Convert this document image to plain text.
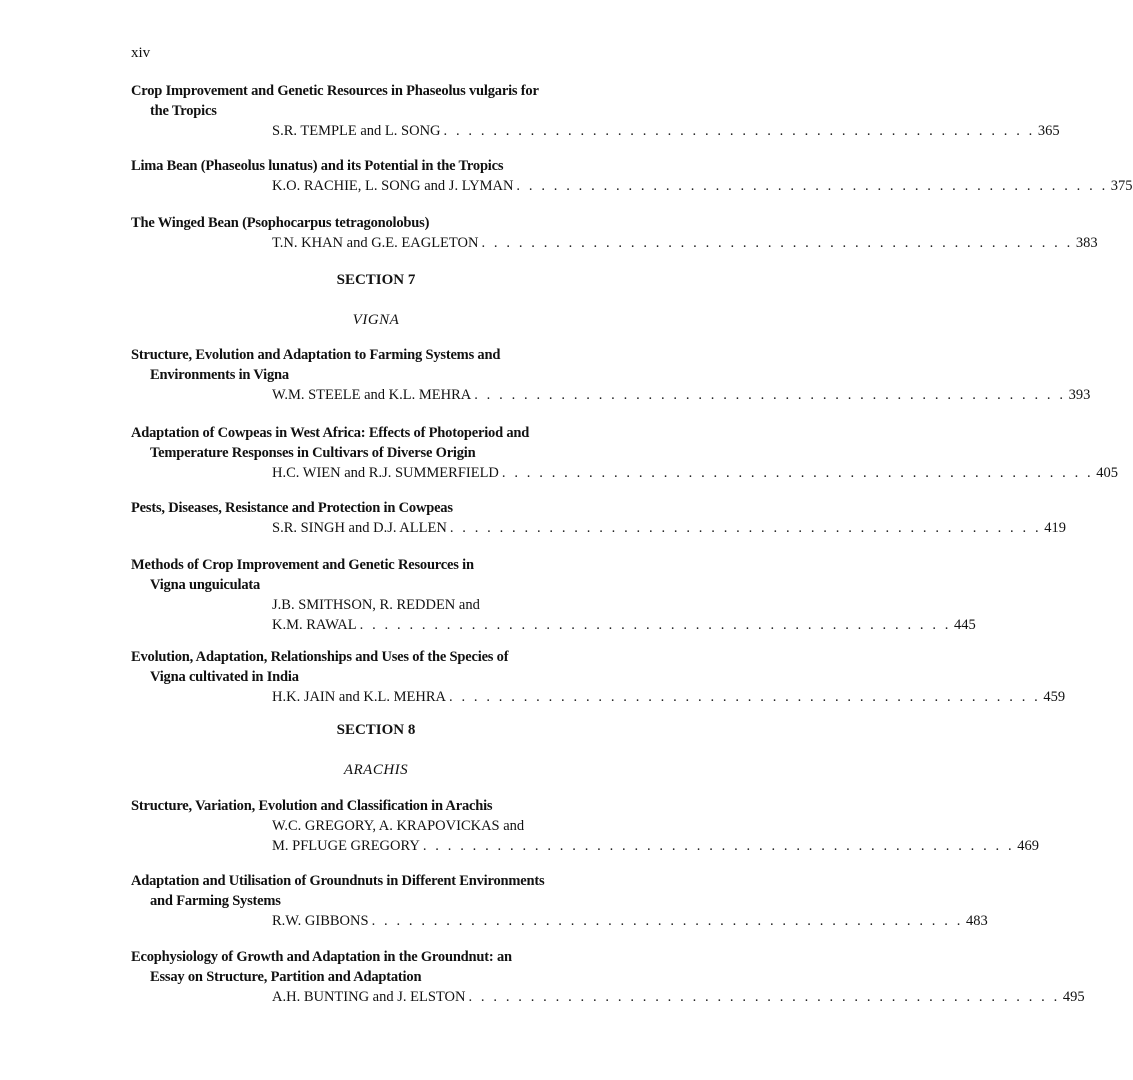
xiv
Crop Improvement and Genetic Resources in Phaseolus vulgaris for
the Tropics
S.R. TEMPLE and L. SONG . . . . . . . . . . . . . . . . . . . . . . . . . . . . . . . . . . . . . . . . . . . . . . . . 365
Lima Bean (Phaseolus lunatus) and its Potential in the Tropics
K.O. RACHIE, L. SONG and J. LYMAN . . . . . . . . . . . . . . . . . . . . . . . . . . . . . . . . . . . . . . . . . . . . . . . . 375
The Winged Bean (Psophocarpus tetragonolobus)
T.N. KHAN and G.E. EAGLETON . . . . . . . . . . . . . . . . . . . . . . . . . . . . . . . . . . . . . . . . . . . . . . . . 383
SECTION 7
VIGNA
Structure, Evolution and Adaptation to Farming Systems and
Environments in Vigna
W.M. STEELE and K.L. MEHRA . . . . . . . . . . . . . . . . . . . . . . . . . . . . . . . . . . . . . . . . . . . . . . . . 393
Adaptation of Cowpeas in West Africa: Effects of Photoperiod and
Temperature Responses in Cultivars of Diverse Origin
H.C. WIEN and R.J. SUMMERFIELD . . . . . . . . . . . . . . . . . . . . . . . . . . . . . . . . . . . . . . . . . . . . . . . . 405
Pests, Diseases, Resistance and Protection in Cowpeas
S.R. SINGH and D.J. ALLEN . . . . . . . . . . . . . . . . . . . . . . . . . . . . . . . . . . . . . . . . . . . . . . . . 419
Methods of Crop Improvement and Genetic Resources in
Vigna unguiculata
J.B. SMITHSON, R. REDDEN and
K.M. RAWAL . . . . . . . . . . . . . . . . . . . . . . . . . . . . . . . . . . . . . . . . . . . . . . . . 445
Evolution, Adaptation, Relationships and Uses of the Species of
Vigna cultivated in India
H.K. JAIN and K.L. MEHRA . . . . . . . . . . . . . . . . . . . . . . . . . . . . . . . . . . . . . . . . . . . . . . . . 459
SECTION 8
ARACHIS
Structure, Variation, Evolution and Classification in Arachis
W.C. GREGORY, A. KRAPOVICKAS and
M. PFLUGE GREGORY . . . . . . . . . . . . . . . . . . . . . . . . . . . . . . . . . . . . . . . . . . . . . . . . 469
Adaptation and Utilisation of Groundnuts in Different Environments
and Farming Systems
R.W. GIBBONS . . . . . . . . . . . . . . . . . . . . . . . . . . . . . . . . . . . . . . . . . . . . . . . . 483
Ecophysiology of Growth and Adaptation in the Groundnut: an
Essay on Structure, Partition and Adaptation
A.H. BUNTING and J. ELSTON . . . . . . . . . . . . . . . . . . . . . . . . . . . . . . . . . . . . . . . . . . . . . . . . 495
